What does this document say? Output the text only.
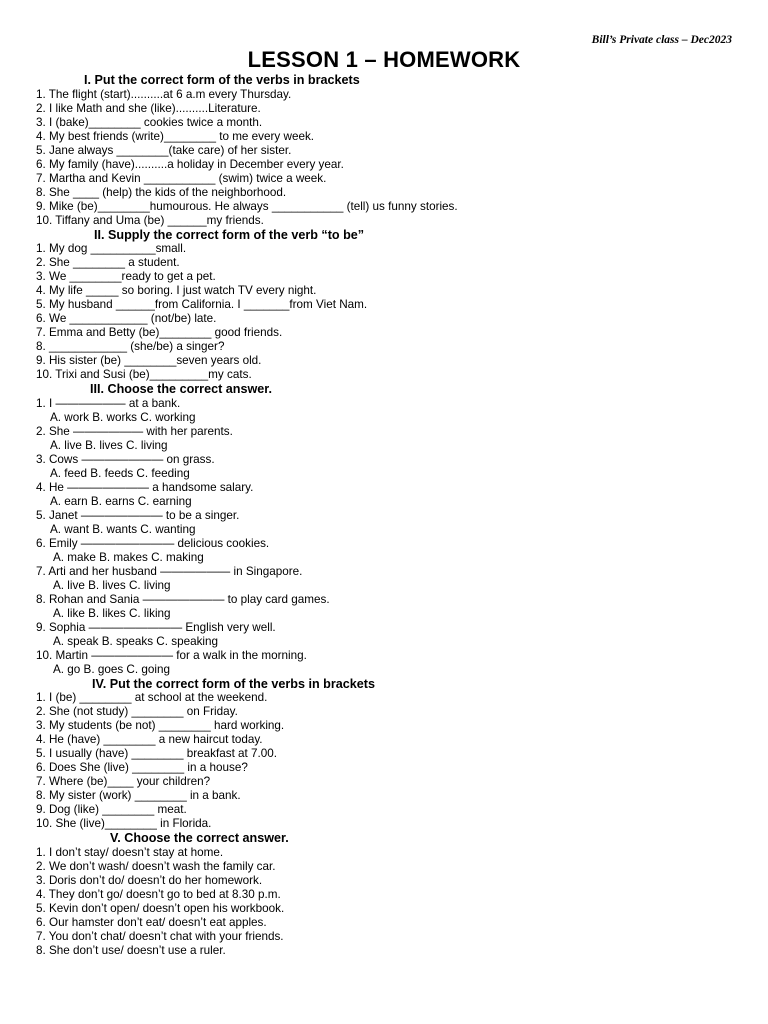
Bill’s Private class – Dec2023
LESSON 1 – HOMEWORK
I. Put the correct form of the verbs in brackets
1. The flight (start)..........at 6 a.m every Thursday.
2. I like Math and she (like)..........Literature.
3. I (bake)________ cookies twice a month.
4. My best friends (write)________ to me every week.
5. Jane always ________(take care) of her sister.
6. My family (have)..........a holiday in December every year.
7. Martha and Kevin ___________ (swim) twice a week.
8. She ____ (help) the kids of the neighborhood.
9. Mike (be)________humourous. He always ___________ (tell) us funny stories.
10. Tiffany and Uma (be) ______my friends.
II. Supply the correct form of the verb “to be”
1. My dog __________small.
2. She ________ a student.
3. We ________ready to get a pet.
4. My life _____ so boring. I just watch TV every night.
5. My husband ______from California. I _______from Viet Nam.
6. We ____________ (not/be) late.
7. Emma and Betty (be)________ good friends.
8. ____________ (she/be) a singer?
9. His sister (be) ________seven years old.
10. Trixi and Susi (be)_________my cats.
III. Choose the correct answer.
1. I —————— at a bank.
A. work B. works C. working
2. She —————— with her parents.
A. live B. lives C. living
3. Cows ——————— on grass.
A. feed B. feeds C. feeding
4. He ——————— a handsome salary.
A. earn B. earns C. earning
5. Janet ——————— to be a singer.
A. want B. wants C. wanting
6. Emily ———————— delicious cookies.
A. make B. makes C. making
7. Arti and her husband —————— in Singapore.
A. live B. lives C. living
8. Rohan and Sania ——————— to play card games.
A. like B. likes C. liking
9. Sophia ———————— English very well.
A. speak B. speaks C. speaking
10. Martin ——————— for a walk in the morning.
A. go B. goes C. going
IV. Put the correct form of the verbs in brackets
1. I (be) ________ at school at the weekend.
2. She (not study) ________ on Friday.
3. My students (be not) ________ hard working.
4. He (have) ________ a new haircut today.
5. I usually (have) ________ breakfast at 7.00.
6. Does She (live) ________ in a house?
7. Where (be)____ your children?
8. My sister (work) ________ in a bank.
9. Dog (like) ________ meat.
10. She (live)________ in Florida.
V. Choose the correct answer.
1. I don’t stay/ doesn’t stay at home.
2. We don’t wash/ doesn’t wash the family car.
3. Doris don’t do/ doesn’t do her homework.
4. They don’t go/ doesn’t go to bed at 8.30 p.m.
5. Kevin don’t open/ doesn’t open his workbook.
6. Our hamster don’t eat/ doesn’t eat apples.
7. You don’t chat/ doesn’t chat with your friends.
8. She don’t use/ doesn’t use a ruler.
